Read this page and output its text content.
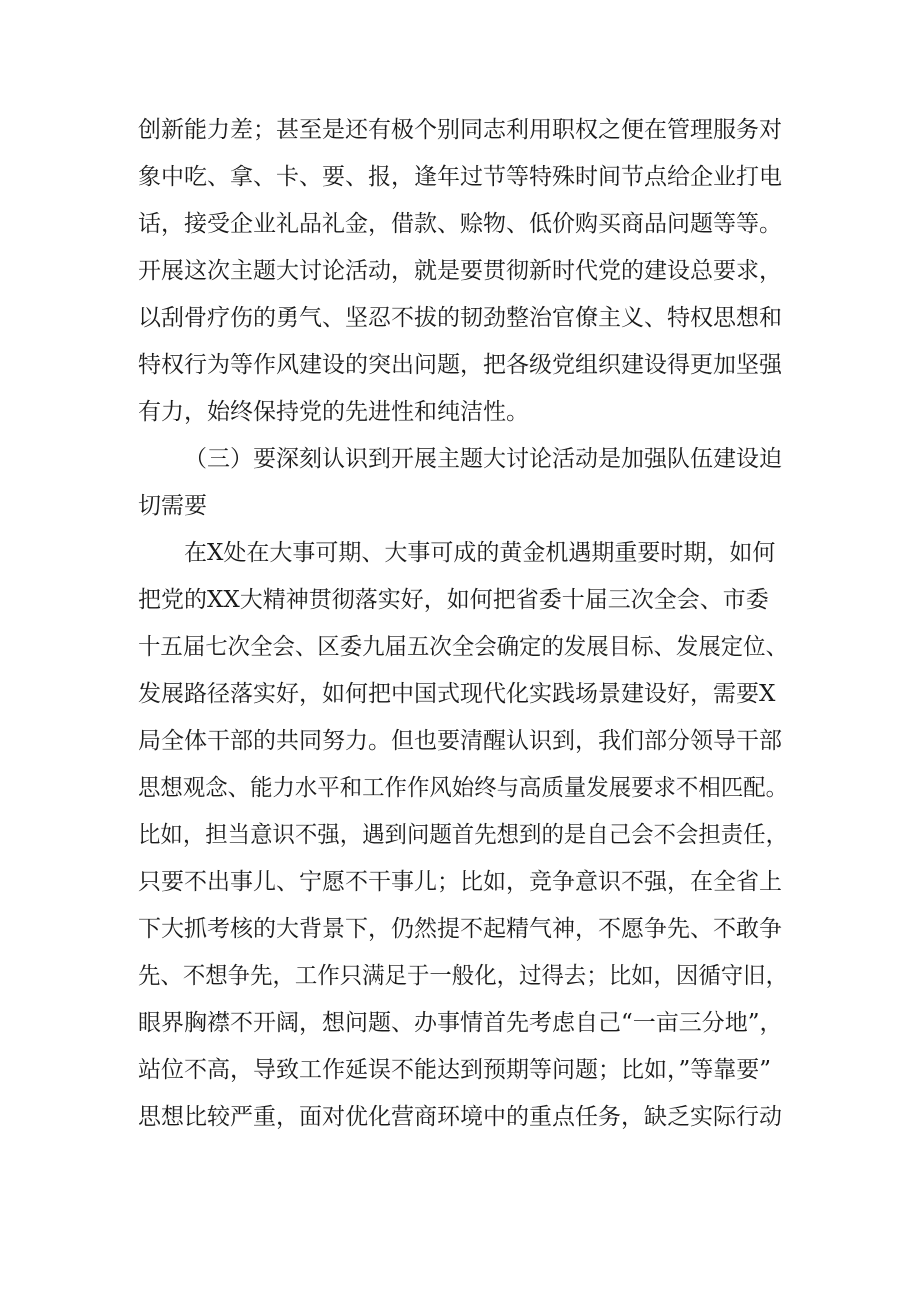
创新能力差；甚至是还有极个别同志利用职权之便在管理服务对
象中吃、拿、卡、要、报，逢年过节等特殊时间节点给企业打电
话，接受企业礼品礼金，借款、赊物、低价购买商品问题等等。
开展这次主题大讨论活动，就是要贯彻新时代党的建设总要求，
以刮骨疗伤的勇气、坚忍不拔的韧劲整治官僚主义、特权思想和
特权行为等作风建设的突出问题，把各级党组织建设得更加坚强
有力，始终保持党的先进性和纯洁性。
（三）要深刻认识到开展主题大讨论活动是加强队伍建设迫
切需要
在X处在大事可期、大事可成的黄金机遇期重要时期，如何
把党的XX大精神贯彻落实好，如何把省委十届三次全会、市委
十五届七次全会、区委九届五次全会确定的发展目标、发展定位、
发展路径落实好，如何把中国式现代化实践场景建设好，需要X
局全体干部的共同努力。但也要清醒认识到，我们部分领导干部
思想观念、能力水平和工作作风始终与高质量发展要求不相匹配。
比如，担当意识不强，遇到问题首先想到的是自己会不会担责任，
只要不出事儿、宁愿不干事儿；比如，竞争意识不强，在全省上
下大抓考核的大背景下，仍然提不起精气神，不愿争先、不敢争
先、不想争先，工作只满足于一般化，过得去；比如，因循守旧，
眼界胸襟不开阔，想问题、办事情首先考虑自己“一亩三分地”，
站位不高，导致工作延误不能达到预期等问题；比如，”等靠要”
思想比较严重，面对优化营商环境中的重点任务，缺乏实际行动
